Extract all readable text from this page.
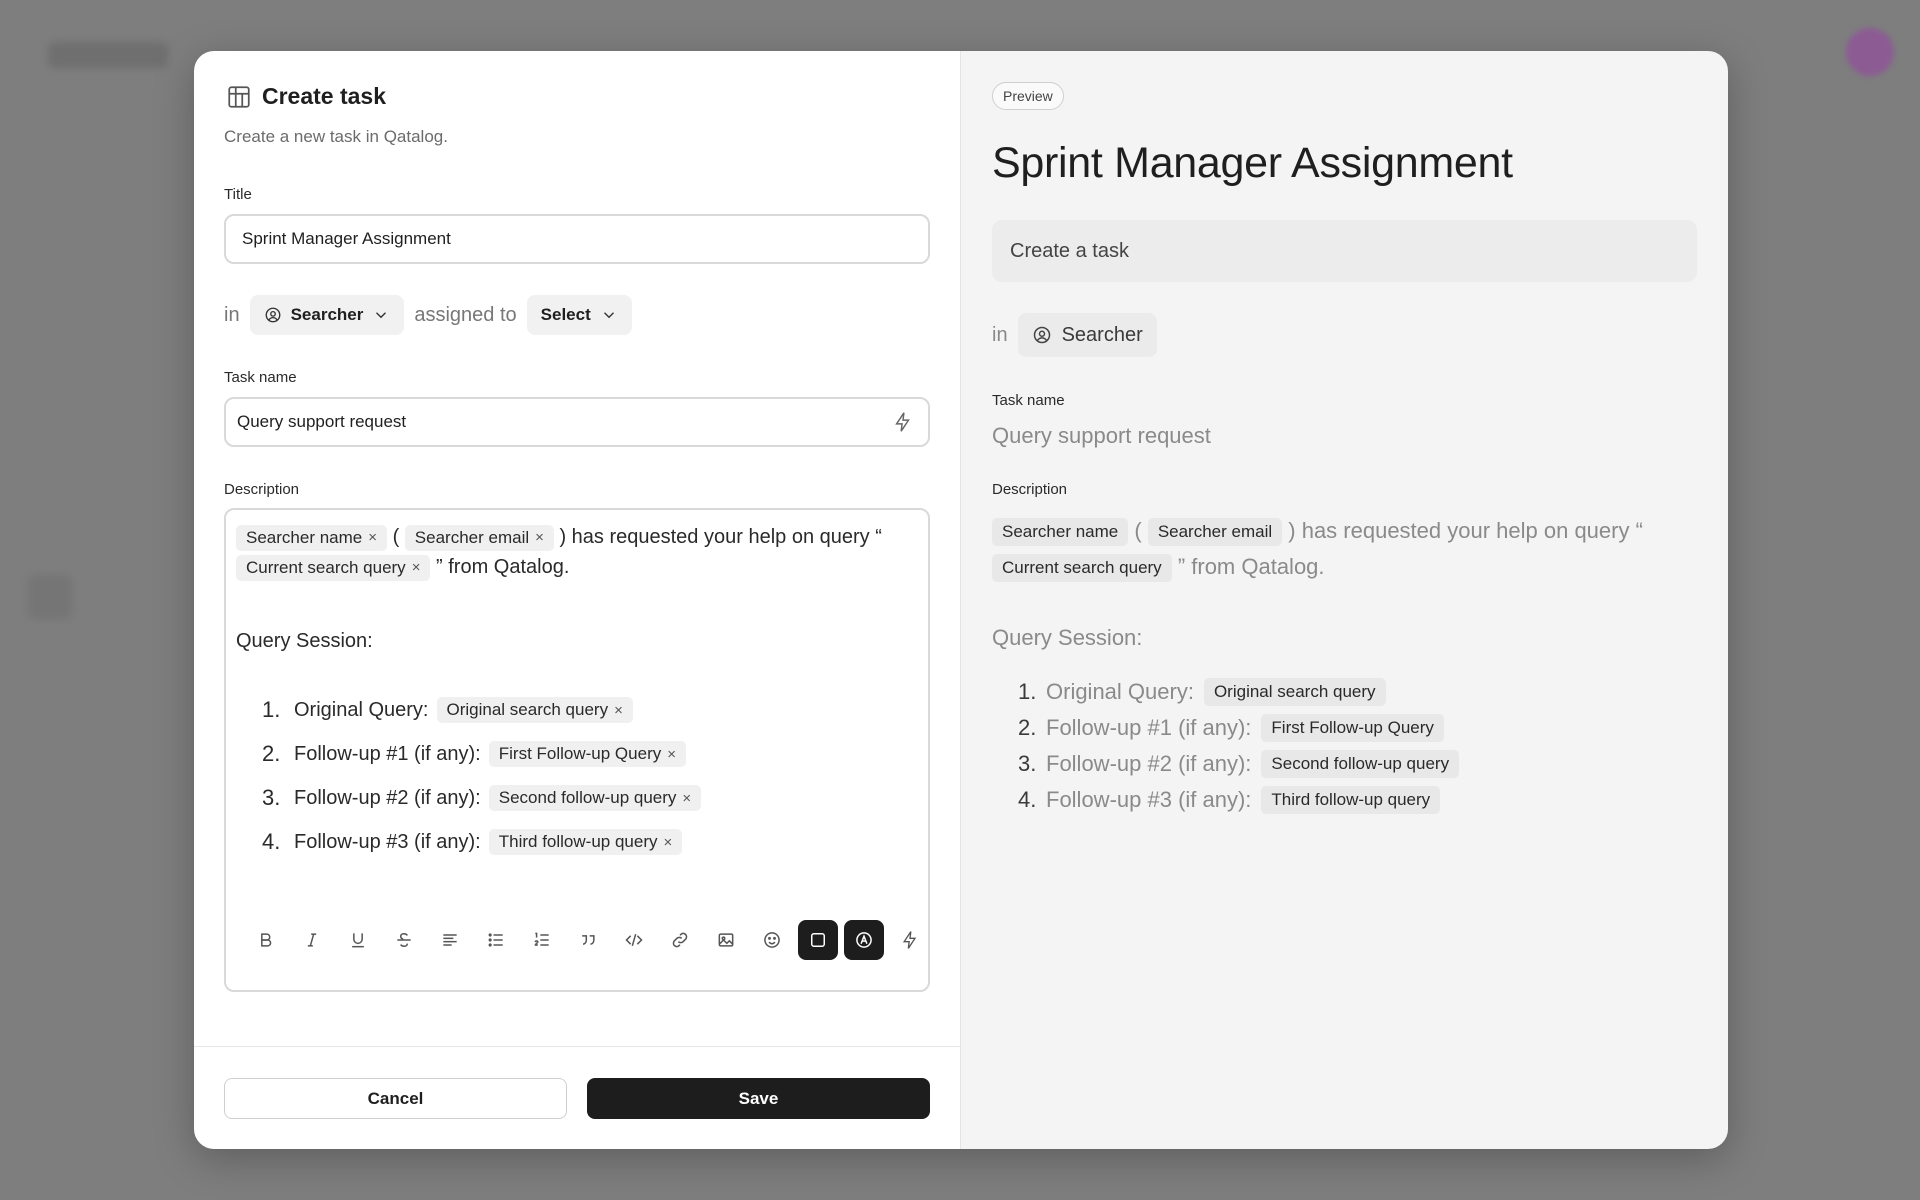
Create task
Create a new task in Qatalog.
Title
Sprint Manager Assignment
in	Searcher	assigned to Select
Task name
Query support request
Description
Searcher name × ( Searcher email × ) has requested your help on query “
Current search query × ” from Qatalog.
Query Session:
1. Original Query: Original search query ×
2. Follow-up #1 (if any): First Follow-up Query ×
3. Follow-up #2 (if any): Second follow-up query ×
4. Follow-up #3 (if any): Third follow-up query ×
Cancel	Save
Preview
Sprint Manager Assignment
Create a task
in	Searcher
Task name
Query support request
Description
Searcher name ( Searcher email ) has requested your help on query “ Current search query ” from Qatalog.
Query Session:
1. Original Query:	Original search query
2. Follow-up #1 (if any):	First Follow-up Query
3. Follow-up #2 (if any):	Second follow-up query
4. Follow-up #3 (if any):	Third follow-up query
